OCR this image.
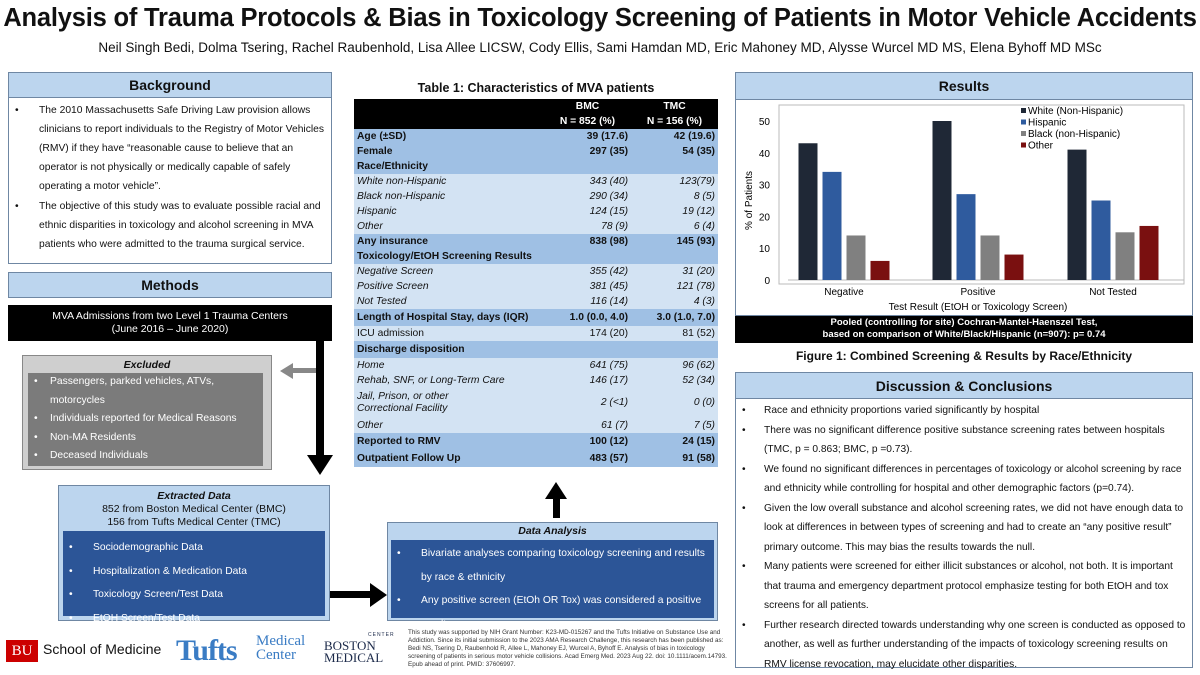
Analysis of Trauma Protocols & Bias in Toxicology Screening of Patients in Motor Vehicle Accidents
Neil Singh Bedi, Dolma Tsering, Rachel Raubenhold, Lisa Allee LICSW, Cody Ellis, Sami Hamdan MD, Eric Mahoney MD, Alysse Wurcel MD MS, Elena Byhoff MD MSc
Background
• The 2010 Massachusetts Safe Driving Law provision allows clinicians to report individuals to the Registry of Motor Vehicles (RMV) if they have “reasonable cause to believe that an operator is not physically or medically capable of safely operating a motor vehicle”.
• The objective of this study was to evaluate possible racial and ethnic disparities in toxicology and alcohol screening in MVA patients who were admitted to the trauma surgical service.
Methods
MVA Admissions from two Level 1 Trauma Centers
(June 2016 – June 2020)
Excluded
• Passengers, parked vehicles, ATVs, motorcycles
• Individuals reported for Medical Reasons
• Non-MA Residents
• Deceased Individuals
Extracted Data
852 from Boston Medical Center (BMC)
156 from Tufts Medical Center (TMC)
• Sociodemographic Data
• Hospitalization & Medication Data
• Toxicology Screen/Test Data
• EtOH Screen/Test Data
Table 1: Characteristics of MVA patients
	BMC	TMC
	N = 852 (%)	N = 156 (%)
Age (±SD)	39 (17.6)	42 (19.6)
Female	297 (35)	54 (35)
Race/Ethnicity		
White non-Hispanic	343 (40)	123(79)
Black non-Hispanic	290 (34)	8 (5)
Hispanic	124 (15)	19 (12)
Other	78 (9)	6 (4)
Any insurance	838 (98)	145 (93)
Toxicology/EtOH Screening Results		
Negative Screen	355 (42)	31 (20)
Positive Screen	381 (45)	121 (78)
Not Tested	116 (14)	4 (3)
Length of Hospital Stay, days (IQR)	1.0 (0.0, 4.0)	3.0 (1.0, 7.0)
ICU admission	174 (20)	81 (52)
Discharge disposition		
Home	641 (75)	96 (62)
Rehab, SNF, or Long-Term Care	146 (17)	52 (34)
Jail, Prison, or other
Correctional Facility	2 (<1)	0 (0)
Other	61 (7)	7 (5)
Reported to RMV	100 (12)	24 (15)
Outpatient Follow Up	483 (57)	91 (58)
Data Analysis
• Bivariate analyses comparing toxicology screening and results by race & ethnicity
• Any positive screen (EtOh OR Tox) was considered a positive result
This study was supported by NIH Grant Number: K23-MD-015267 and the Tufts Initiative on Substance Use and Addiction. Since its initial submission to the 2023 AMA Research Challenge, this research has been published as: Bedi NS, Tsering D, Raubenhold R, Allee L, Mahoney EJ, Wurcel A, Byhoff E. Analysis of bias in toxicology screening of patients in serious motor vehicle collisions. Acad Emerg Med. 2023 Aug 22. doi: 10.1111/acem.14793. Epub ahead of print. PMID: 37606997.
BU School of Medicine Tufts Medical
Center
BOSTON
MEDICAL
CENTER
Results
0
10
20
30
40
50
% of Patients
Negative	Positive	Not Tested
Test Result (EtOH or Toxicology Screen)
White (Non-Hispanic)
Hispanic
Black (non-Hispanic)
Other
Pooled (controlling for site) Cochran-Mantel-Haenszel Test,
based on comparison of White/Black/Hispanic (n=907): p= 0.74
Figure 1: Combined Screening & Results by Race/Ethnicity
Discussion & Conclusions
• Race and ethnicity proportions varied significantly by hospital
• There was no significant difference positive substance screening rates between hospitals (TMC, p = 0.863; BMC, p =0.73).
• We found no significant differences in percentages of toxicology or alcohol screening by race and ethnicity while controlling for hospital and other demographic factors (p=0.74).
• Given the low overall substance and alcohol screening rates, we did not have enough data to look at differences in between types of screening and had to create an “any positive result” primary outcome. This may bias the results towards the null.
• Many patients were screened for either illicit substances or alcohol, not both. It is important that trauma and emergency department protocol emphasize testing for both EtOH and tox screens for all patients.
• Further research directed towards understanding why one screen is conducted as opposed to another, as well as further understanding of the impacts of toxicology screening results on RMV license revocation, may elucidate other disparities.
